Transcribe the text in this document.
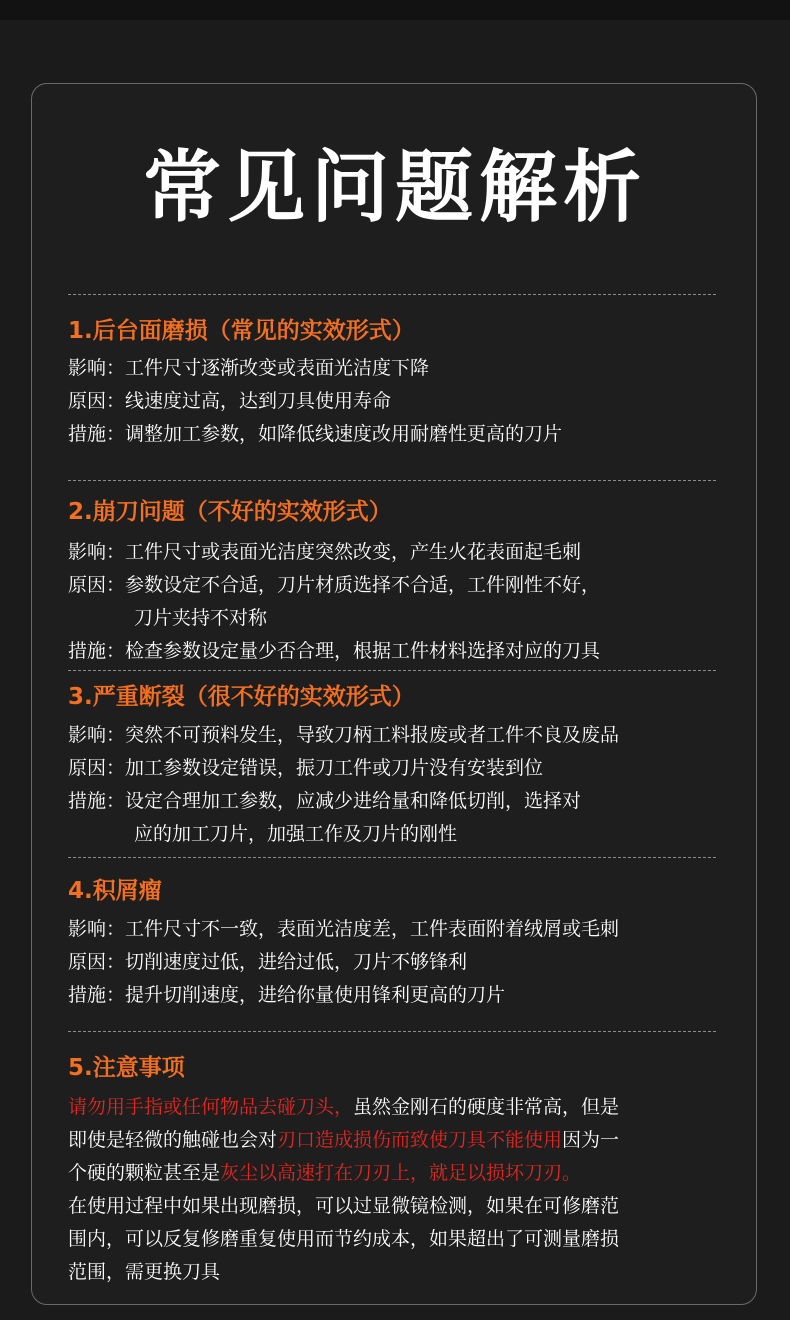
常见问题解析
1.后台面磨损（常见的实效形式）
影响：工件尺寸逐渐改变或表面光洁度下降
原因：线速度过高，达到刀具使用寿命
措施：调整加工参数，如降低线速度改用耐磨性更高的刀片
2.崩刀问题（不好的实效形式）
影响：工件尺寸或表面光洁度突然改变，产生火花表面起毛刺
原因：参数设定不合适，刀片材质选择不合适，工件刚性不好，
刀片夹持不对称
措施：检查参数设定量少否合理，根据工件材料选择对应的刀具
3.严重断裂（很不好的实效形式）
影响：突然不可预料发生，导致刀柄工料报废或者工件不良及废品
原因：加工参数设定错误，振刀工件或刀片没有安装到位
措施：设定合理加工参数，应减少进给量和降低切削，选择对
应的加工刀片，加强工作及刀片的刚性
4.积屑瘤
影响：工件尺寸不一致，表面光洁度差，工件表面附着绒屑或毛刺
原因：切削速度过低，进给过低，刀片不够锋利
措施：提升切削速度，进给你量使用锋利更高的刀片
5.注意事项
请勿用手指或任何物品去碰刀头，虽然金刚石的硬度非常高，但是
即使是轻微的触碰也会对刃口造成损伤而致使刀具不能使用因为一
个硬的颗粒甚至是灰尘以高速打在刀刃上，就足以损坏刀刃。
在使用过程中如果出现磨损，可以过显微镜检测，如果在可修磨范
围内，可以反复修磨重复使用而节约成本，如果超出了可测量磨损
范围，需更换刀具
